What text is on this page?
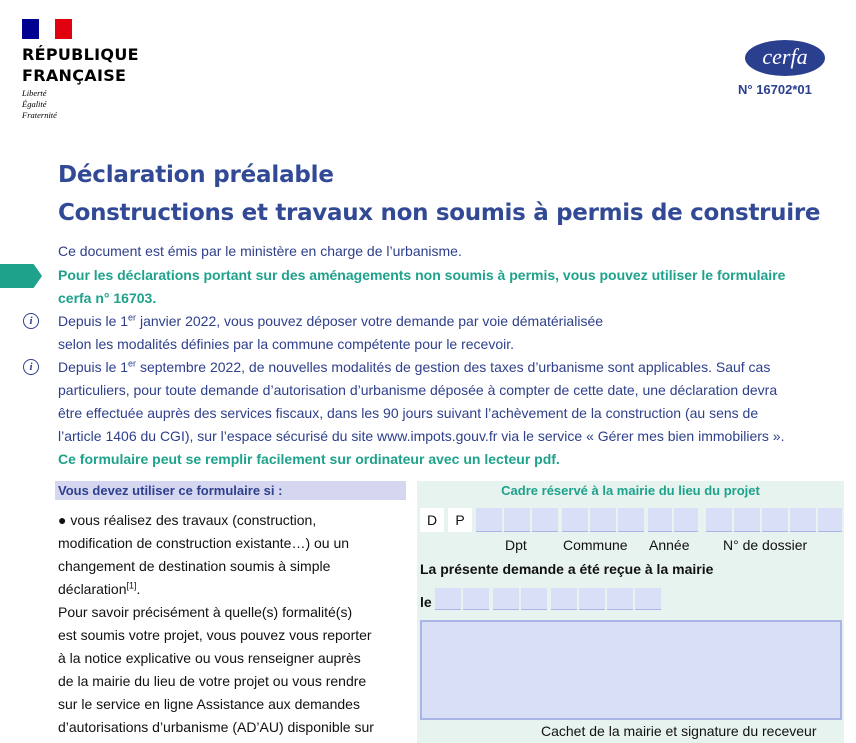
RÉPUBLIQUE
FRANÇAISE
Liberté
Égalité
Fraternité
cerfa
N° 16702*01
Déclaration préalable
Constructions et travaux non soumis à permis de construire
Ce document est émis par le ministère en charge de l’urbanisme.
Pour les déclarations portant sur des aménagements non soumis à permis, vous pouvez utiliser le formulaire
cerfa n° 16703.
i	Depuis le 1er janvier 2022, vous pouvez déposer votre demande par voie dématérialisée
selon les modalités définies par la commune compétente pour le recevoir.
i	Depuis le 1er septembre 2022, de nouvelles modalités de gestion des taxes d’urbanisme sont applicables. Sauf cas
particuliers, pour toute demande d’autorisation d’urbanisme déposée à compter de cette date, une déclaration devra
être effectuée auprès des services fiscaux, dans les 90 jours suivant l’achèvement de la construction (au sens de
l’article 1406 du CGI), sur l’espace sécurisé du site www.impots.gouv.fr via le service « Gérer mes bien immobiliers ».
Ce formulaire peut se remplir facilement sur ordinateur avec un lecteur pdf.
Vous devez utiliser ce formulaire si :
● vous réalisez des travaux (construction,
modification de construction existante…) ou un
changement de destination soumis à simple
déclaration[1].
Pour savoir précisément à quelle(s) formalité(s)
est soumis votre projet, vous pouvez vous reporter
à la notice explicative ou vous renseigner auprès
de la mairie du lieu de votre projet ou vous rendre
sur le service en ligne Assistance aux demandes
d’autorisations d’urbanisme (AD’AU) disponible sur
Cadre réservé à la mairie du lieu du projet
D	P
Dpt	Commune Année N° de dossier
La présente demande a été reçue à la mairie
le
Cachet de la mairie et signature du receveur
